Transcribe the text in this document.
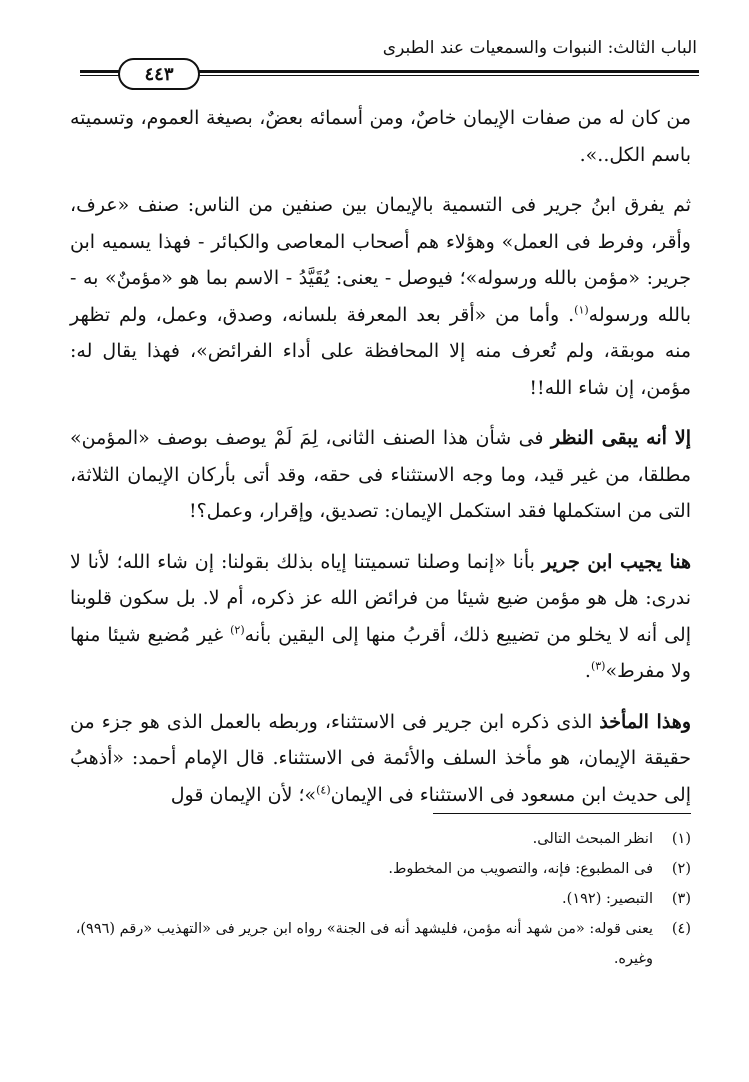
الباب الثالث: النبوات والسمعيات عند الطبرى
٤٤٣

من كان له من صفات الإيمان خاصٌ، ومن أسمائه بعضٌ، بصيغة العموم، وتسميته باسم الكل..».

ثم يفرق ابنُ جرير فى التسمية بالإيمان بين صنفين من الناس: صنف «عرف، وأقر، وفرط فى العمل» وهؤلاء هم أصحاب المعاصى والكبائر - فهذا يسميه ابن جرير: «مؤمن بالله ورسوله»؛ فيوصل - يعنى: يُقَيَّدُ - الاسم بما هو «مؤمنٌ» به - بالله ورسوله$^{(١)}$. وأما من «أقر بعد المعرفة بلسانه، وصدق، وعمل، ولم تظهر منه موبقة، ولم تُعرف منه إلا المحافظة على أداء الفرائض»، فهذا يقال له: مؤمن، إن شاء الله!!

إلا أنه يبقى النظر فى شأن هذا الصنف الثانى، لِمَ لَمْ يوصف بوصف «المؤمن» مطلقا، من غير قيد، وما وجه الاستثناء فى حقه، وقد أتى بأركان الإيمان الثلاثة، التى من استكملها فقد استكمل الإيمان: تصديق، وإقرار، وعمل؟!

هنا يجيب ابن جرير بأنا «إنما وصلنا تسميتنا إياه بذلك بقولنا: إن شاء الله؛ لأنا لا ندرى: هل هو مؤمن ضيع شيئا من فرائض الله عز ذكره، أم لا. بل سكون قلوبنا إلى أنه لا يخلو من تضييع ذلك، أقربُ منها إلى اليقين بأنه$^{(٢)}$ غير مُضيع شيئا منها ولا مفرط»$^{(٣)}$.

وهذا المأخذ الذى ذكره ابن جرير فى الاستثناء، وربطه بالعمل الذى هو جزء من حقيقة الإيمان، هو مأخذ السلف والأئمة فى الاستثناء. قال الإمام أحمد: «أذهبُ إلى حديث ابن مسعود فى الاستثناء فى الإيمان$^{(٤)}$»؛ لأن الإيمان قول

(١)
انظر المبحث التالى.
(٢)
فى المطبوع: فإنه، والتصويب من المخطوط.
(٣)
التبصير: (١٩٢).
(٤)
يعنى قوله: «من شهد أنه مؤمن، فليشهد أنه فى الجنة» رواه ابن جرير فى «التهذيب «رقم (٩٩٦)، وغيره.
